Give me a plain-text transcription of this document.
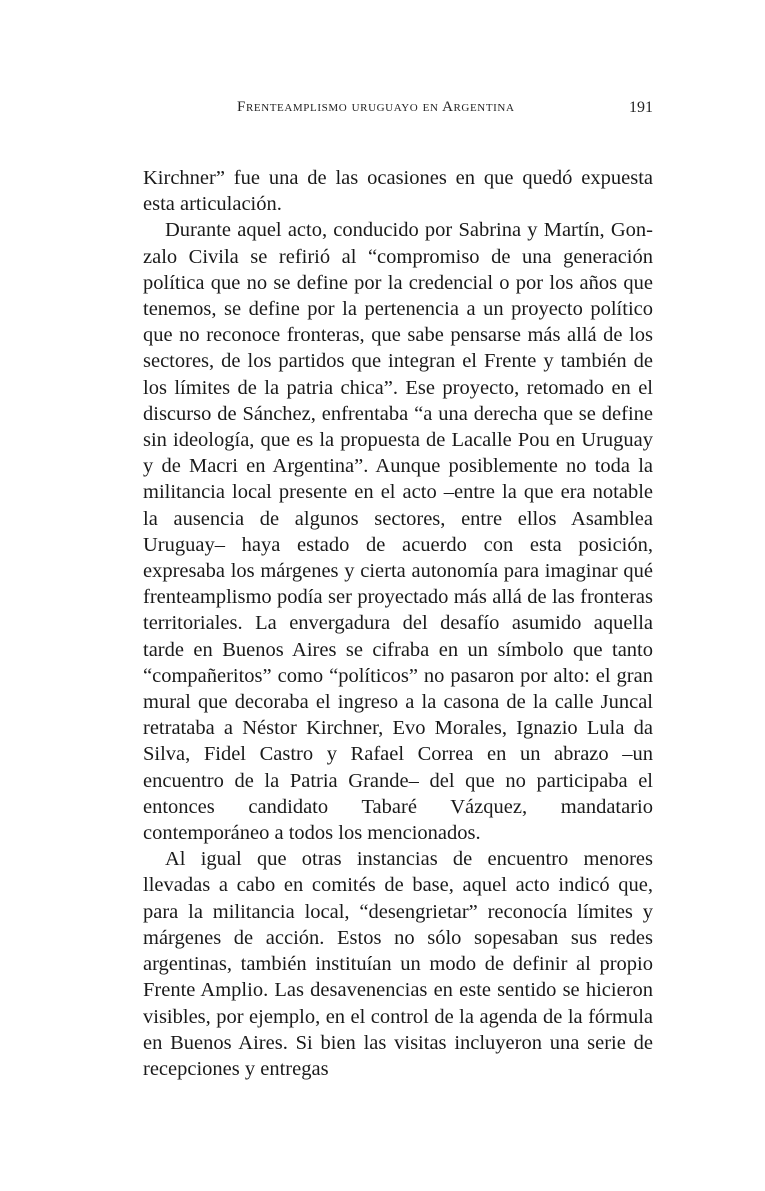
Frenteamplismo uruguayo en Argentina	191

Kirchner” fue una de las ocasiones en que quedó expuesta esta articulación.

Durante aquel acto, conducido por Sabrina y Martín, Gonzalo Civila se refirió al “compromiso de una generación política que no se define por la credencial o por los años que tenemos, se define por la pertenencia a un proyecto político que no reconoce fronteras, que sabe pensarse más allá de los sectores, de los partidos que integran el Frente y también de los límites de la patria chica”. Ese proyecto, retomado en el discurso de Sánchez, enfrentaba “a una derecha que se define sin ideología, que es la propuesta de Lacalle Pou en Uruguay y de Macri en Argentina”. Aunque posiblemente no toda la militancia local presente en el acto –entre la que era notable la ausencia de algunos sectores, entre ellos Asamblea Uruguay– haya estado de acuerdo con esta posición, expresaba los márgenes y cierta autonomía para imaginar qué frenteamplismo podía ser proyectado más allá de las fronteras territoriales. La envergadura del desafío asumido aquella tarde en Buenos Aires se cifraba en un símbolo que tanto “compañeritos” como “políticos” no pasaron por alto: el gran mural que decoraba el ingreso a la casona de la calle Juncal retrataba a Néstor Kirchner, Evo Morales, Ignazio Lula da Silva, Fidel Castro y Rafael Correa en un abrazo –un encuentro de la Patria Grande– del que no participaba el entonces candidato Tabaré Vázquez, mandatario contemporáneo a todos los mencionados.

Al igual que otras instancias de encuentro menores llevadas a cabo en comités de base, aquel acto indicó que, para la militancia local, “desengrietar” reconocía límites y márgenes de acción. Estos no sólo sopesaban sus redes argentinas, también instituían un modo de definir al propio Frente Amplio. Las desavenencias en este sentido se hicieron visibles, por ejemplo, en el control de la agenda de la fórmula en Buenos Aires. Si bien las visitas incluyeron una serie de recepciones y entregas
